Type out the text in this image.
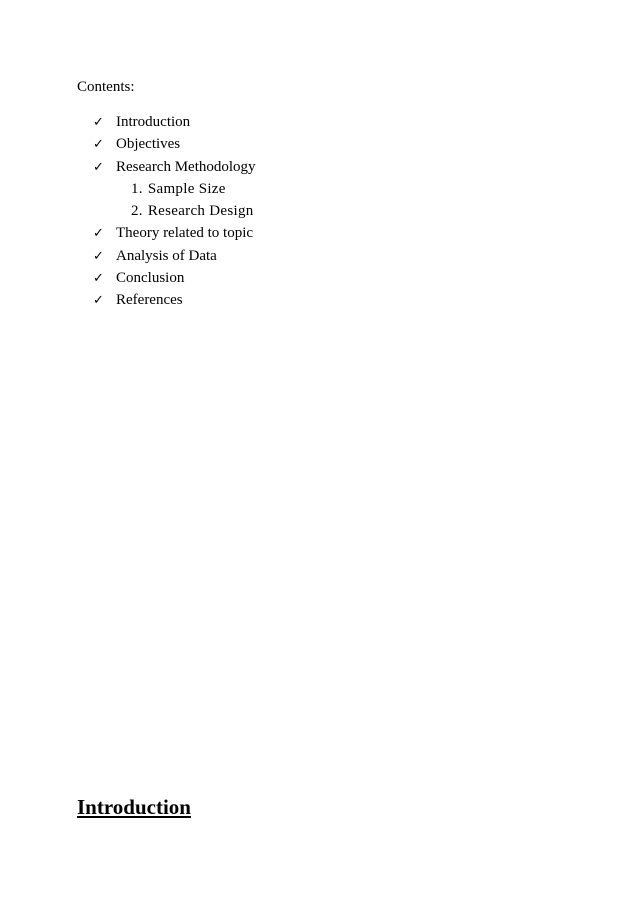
Contents:
✓ Introduction
✓ Objectives
✓ Research Methodology
1. Sample Size
2. Research Design
✓ Theory related to topic
✓ Analysis of Data
✓ Conclusion
✓ References
Introduction
